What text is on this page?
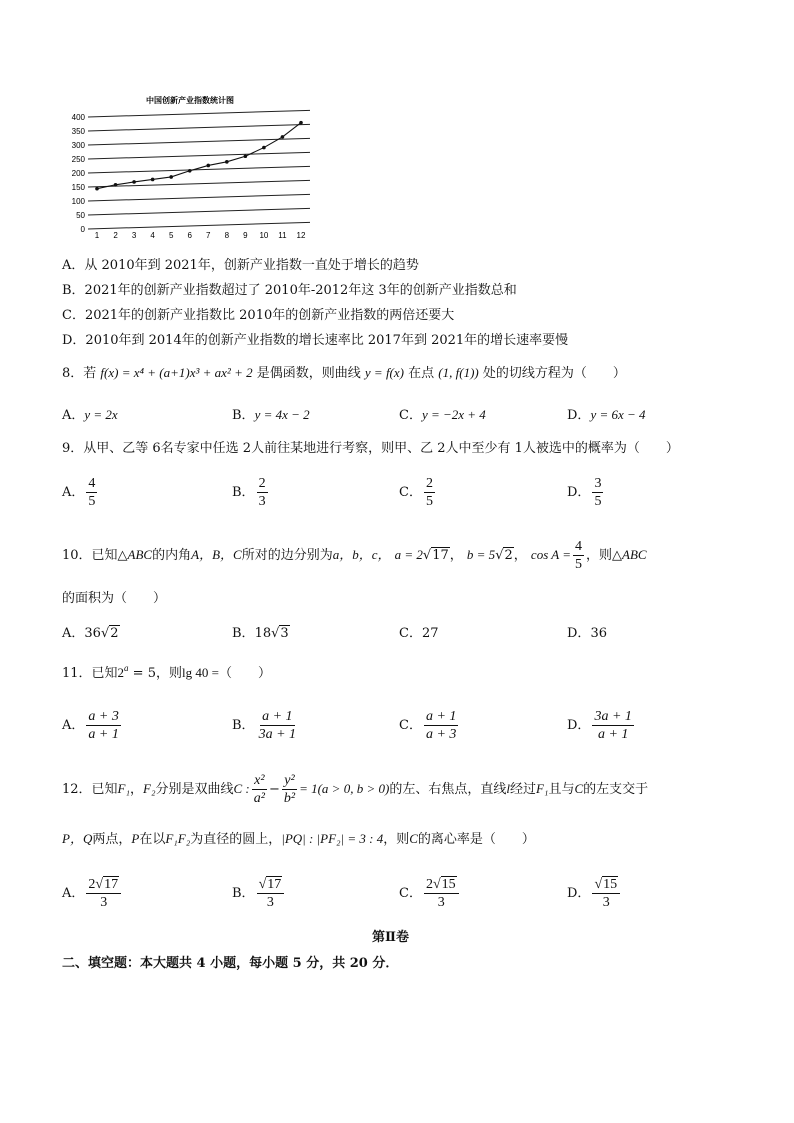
中国创新产业指数统计图
0
50
100
150
200
250
300
350
400
1 2 3 4 5 6 7 8 9 10 11 12
A．从 2010年到 2021年，创新产业指数一直处于增长的趋势
B．2021年的创新产业指数超过了 2010年-2012年这 3年的创新产业指数总和
C．2021年的创新产业指数比 2010年的创新产业指数的两倍还要大
D．2010年到 2014年的创新产业指数的增长速率比 2017年到 2021年的增长速率要慢
8．若 f(x) = x⁴ + (a+1)x³ + ax² + 2 是偶函数，则曲线 y = f(x) 在点 (1, f(1)) 处的切线方程为（　　）
A．y = 2x	B．y = 4x − 2	C．y = −2x + 4	D．y = 6x − 4
9．从甲、乙等 6名专家中任选 2人前往某地进行考察，则甲、乙 2人中至少有 1人被选中的概率为（　　）
A． $\frac{4}{5}$	B． $\frac{2}{3}$	C． $\frac{2}{5}$	D． $\frac{3}{5}$
10．已知△ABC的内角A，B，C所对的边分别为a，b，c， a = 2√17， b = 5√2， $\cos A = \frac{4}{5}$ ，则△ABC
的面积为（　　）
A．36√2	B．18√3	C．27	D．36
11．已知$2^a = 5$，则lg 40 =（　　）
A． $\frac{a + 3}{a + 1}$	B． $\frac{a + 1}{3a + 1}$	C． $\frac{a + 1}{a + 3}$	D． $\frac{3a + 1}{a + 1}$
12．已知F₁，F₂分别是双曲线C : $\frac{\text{x²}}{\text{a²}} - \frac{\text{y²}}{\text{b²}} = 1(a > 0$, b > 0)的左、右焦点，直线l经过F₁且与C的左支交于
P，Q两点，P在以F₁F₂为直径的圆上，|PQ| : |PF₂| = 3 : 4，则C的离心率是（　　）
A． $\frac{2√17}{3}$	B． $\frac{√17}{3}$	C． $\frac{2√15}{3}$	D． $\frac{√15}{3}$
第Ⅱ卷
二、填空题：本大题共 4 小题，每小题 5 分，共 20 分．
